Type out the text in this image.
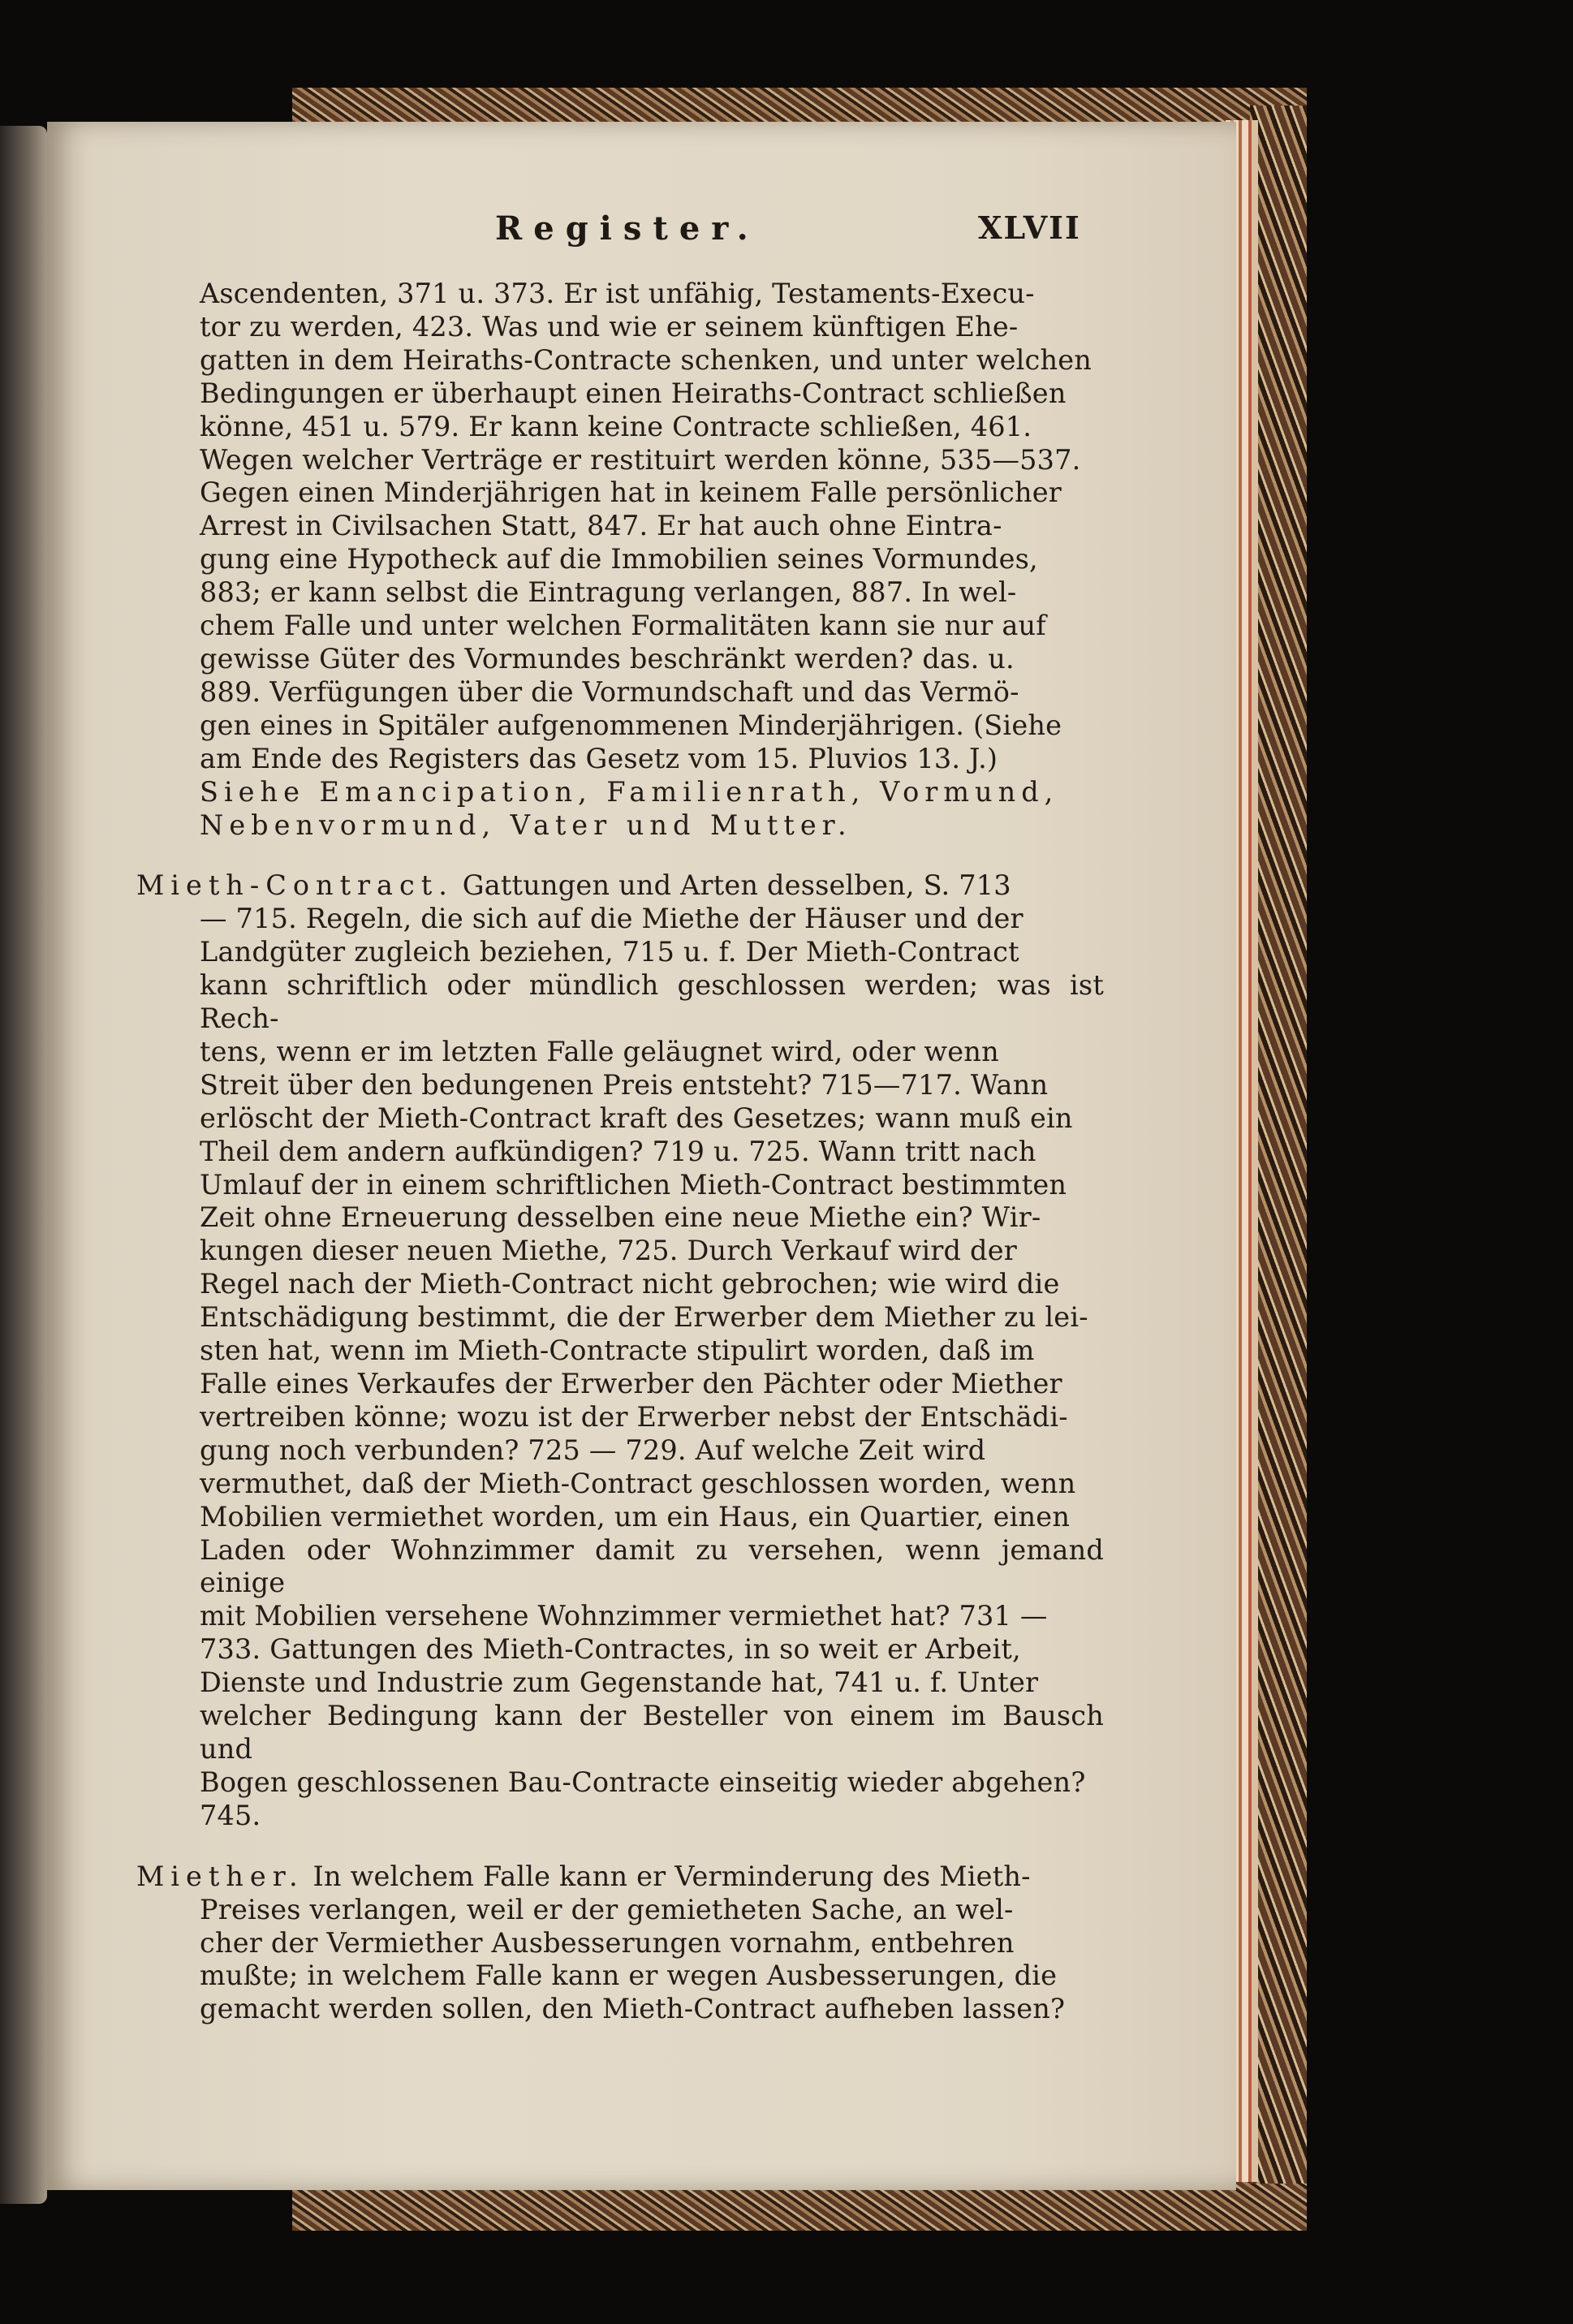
Register.	XLVII

Ascendenten, 371 u. 373. Er ist unfähig, Testaments-Execu-

tor zu werden, 423. Was und wie er seinem künftigen Ehe-

gatten in dem Heiraths-Contracte schenken, und unter welchen

Bedingungen er überhaupt einen Heiraths-Contract schließen

könne, 451 u. 579. Er kann keine Contracte schließen, 461.

Wegen welcher Verträge er restituirt werden könne, 535—537.

Gegen einen Minderjährigen hat in keinem Falle persönlicher

Arrest in Civilsachen Statt, 847. Er hat auch ohne Eintra-

gung eine Hypotheck auf die Immobilien seines Vormundes,

883; er kann selbst die Eintragung verlangen, 887. In wel-

chem Falle und unter welchen Formalitäten kann sie nur auf

gewisse Güter des Vormundes beschränkt werden? das. u.

889. Verfügungen über die Vormundschaft und das Vermö-

gen eines in Spitäler aufgenommenen Minderjährigen. (Siehe

am Ende des Registers das Gesetz vom 15. Pluvios 13. J.)

Siehe Emancipation, Familienrath, Vormund,

Nebenvormund, Vater und Mutter.

Mieth-Contract. Gattungen und Arten desselben, S. 713

— 715. Regeln, die sich auf die Miethe der Häuser und der

Landgüter zugleich beziehen, 715 u. f. Der Mieth-Contract

kann schriftlich oder mündlich geschlossen werden; was ist Rech-

tens, wenn er im letzten Falle geläugnet wird, oder wenn

Streit über den bedungenen Preis entsteht? 715—717. Wann

erlöscht der Mieth-Contract kraft des Gesetzes; wann muß ein

Theil dem andern aufkündigen? 719 u. 725. Wann tritt nach

Umlauf der in einem schriftlichen Mieth-Contract bestimmten

Zeit ohne Erneuerung desselben eine neue Miethe ein? Wir-

kungen dieser neuen Miethe, 725. Durch Verkauf wird der

Regel nach der Mieth-Contract nicht gebrochen; wie wird die

Entschädigung bestimmt, die der Erwerber dem Miether zu lei-

sten hat, wenn im Mieth-Contracte stipulirt worden, daß im

Falle eines Verkaufes der Erwerber den Pächter oder Miether

vertreiben könne; wozu ist der Erwerber nebst der Entschädi-

gung noch verbunden? 725 — 729. Auf welche Zeit wird

vermuthet, daß der Mieth-Contract geschlossen worden, wenn

Mobilien vermiethet worden, um ein Haus, ein Quartier, einen

Laden oder Wohnzimmer damit zu versehen, wenn jemand einige

mit Mobilien versehene Wohnzimmer vermiethet hat? 731 —

733. Gattungen des Mieth-Contractes, in so weit er Arbeit,

Dienste und Industrie zum Gegenstande hat, 741 u. f. Unter

welcher Bedingung kann der Besteller von einem im Bausch und

Bogen geschlossenen Bau-Contracte einseitig wieder abgehen?

745.

Miether. In welchem Falle kann er Verminderung des Mieth-

Preises verlangen, weil er der gemietheten Sache, an wel-

cher der Vermiether Ausbesserungen vornahm, entbehren

mußte; in welchem Falle kann er wegen Ausbesserungen, die

gemacht werden sollen, den Mieth-Contract aufheben lassen?
